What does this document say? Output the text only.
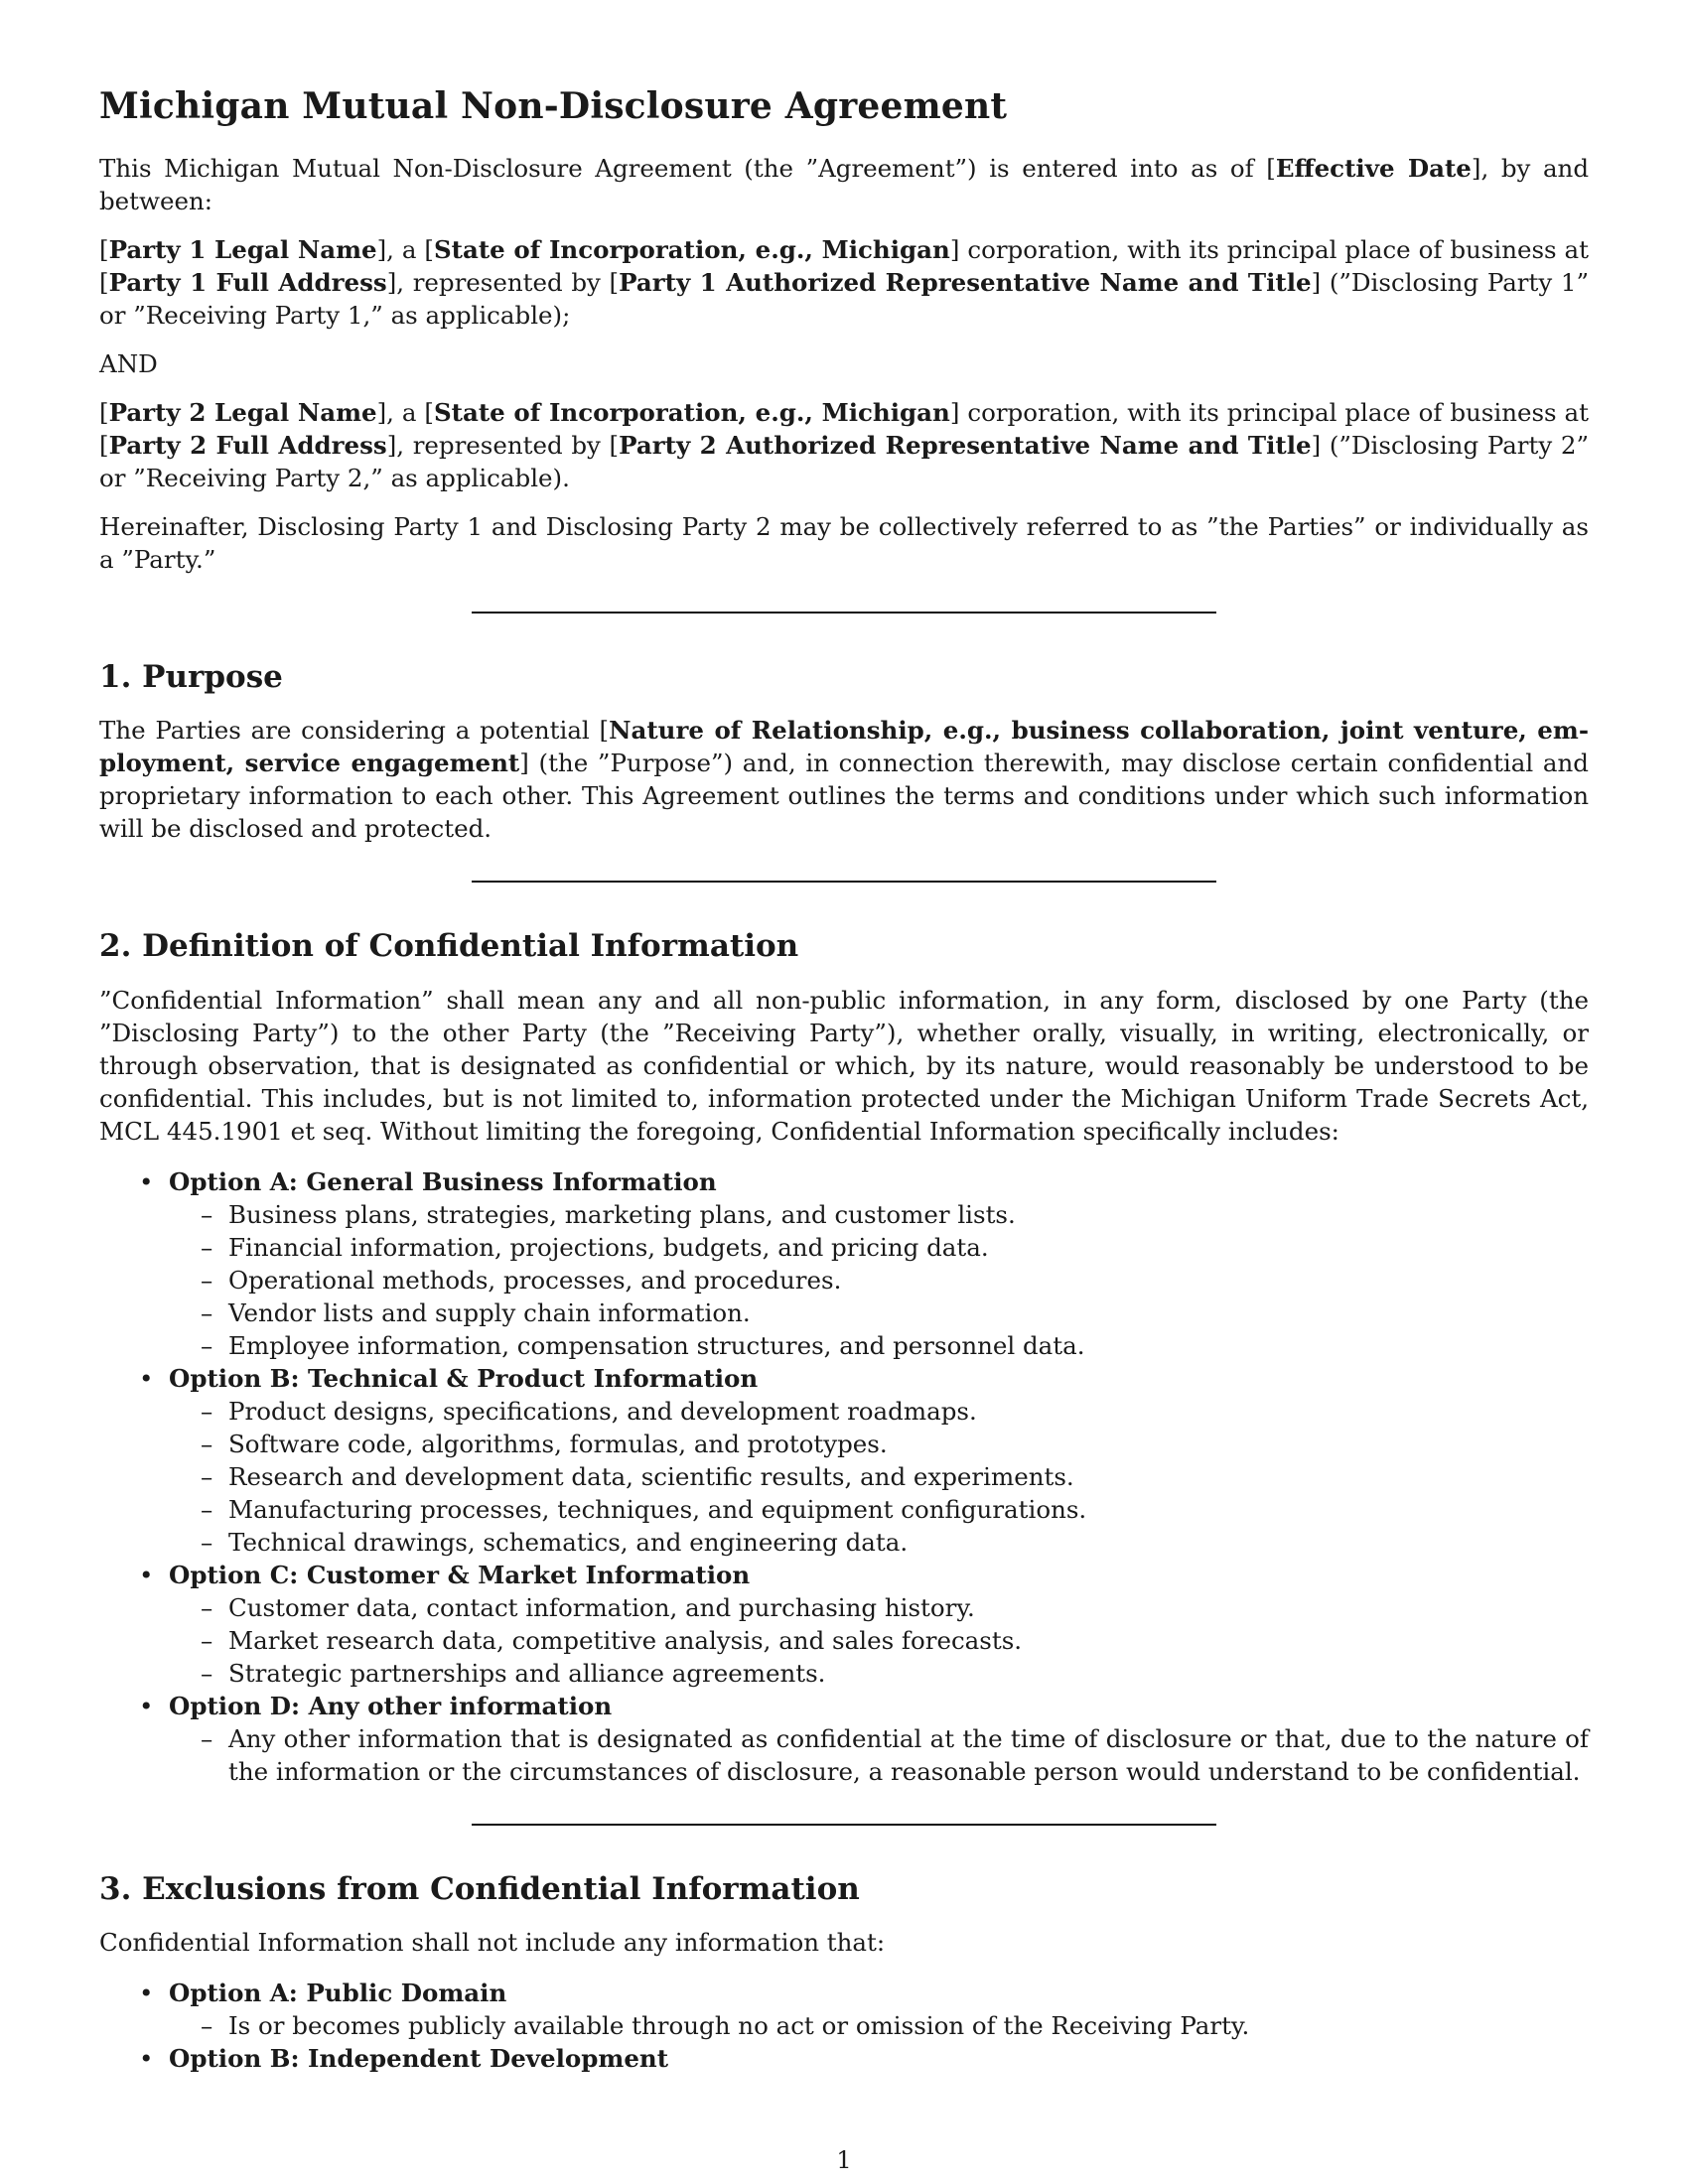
Michigan Mutual Non-Disclosure Agreement

This Michigan Mutual Non-Disclosure Agreement (the ”Agreement”) is entered into as of [Effective Date], by and between:

[Party 1 Legal Name], a [State of Incorporation, e.g., Michigan] corporation, with its principal place of business at [Party 1 Full Address], represented by [Party 1 Authorized Representative Name and Title] (”Disclosing Party 1” or ”Receiving Party 1,” as applicable);

AND

[Party 2 Legal Name], a [State of Incorporation, e.g., Michigan] corporation, with its principal place of business at [Party 2 Full Address], represented by [Party 2 Authorized Representative Name and Title] (”Disclosing Party 2” or ”Receiving Party 2,” as applicable).

Hereinafter, Disclosing Party 1 and Disclosing Party 2 may be collectively referred to as ”the Parties” or individually as a ”Party.”

1. Purpose

The Parties are considering a potential [Nature of Relationship, e.g., business collaboration, joint venture, employment, service engagement] (the ”Purpose”) and, in connection therewith, may disclose certain confidential and proprietary information to each other. This Agreement outlines the terms and conditions under which such information will be disclosed and protected.

2. Definition of Confidential Information

”Confidential Information” shall mean any and all non-public information, in any form, disclosed by one Party (the ”Disclosing Party”) to the other Party (the ”Receiving Party”), whether orally, visually, in writing, electronically, or through observation, that is designated as confidential or which, by its nature, would reasonably be understood to be confidential. This includes, but is not limited to, information protected under the Michigan Uniform Trade Secrets Act, MCL 445.1901 et seq. Without limiting the foregoing, Confidential Information specifically includes:

• Option A: General Business Information
– Business plans, strategies, marketing plans, and customer lists.
– Financial information, projections, budgets, and pricing data.
– Operational methods, processes, and procedures.
– Vendor lists and supply chain information.
– Employee information, compensation structures, and personnel data.
• Option B: Technical & Product Information
– Product designs, specifications, and development roadmaps.
– Software code, algorithms, formulas, and prototypes.
– Research and development data, scientific results, and experiments.
– Manufacturing processes, techniques, and equipment configurations.
– Technical drawings, schematics, and engineering data.
• Option C: Customer & Market Information
– Customer data, contact information, and purchasing history.
– Market research data, competitive analysis, and sales forecasts.
– Strategic partnerships and alliance agreements.
• Option D: Any other information
– Any other information that is designated as confidential at the time of disclosure or that, due to the nature of the information or the circumstances of disclosure, a reasonable person would understand to be confidential.
3. Exclusions from Confidential Information

Confidential Information shall not include any information that:

• Option A: Public Domain
– Is or becomes publicly available through no act or omission of the Receiving Party.
• Option B: Independent Development
1
